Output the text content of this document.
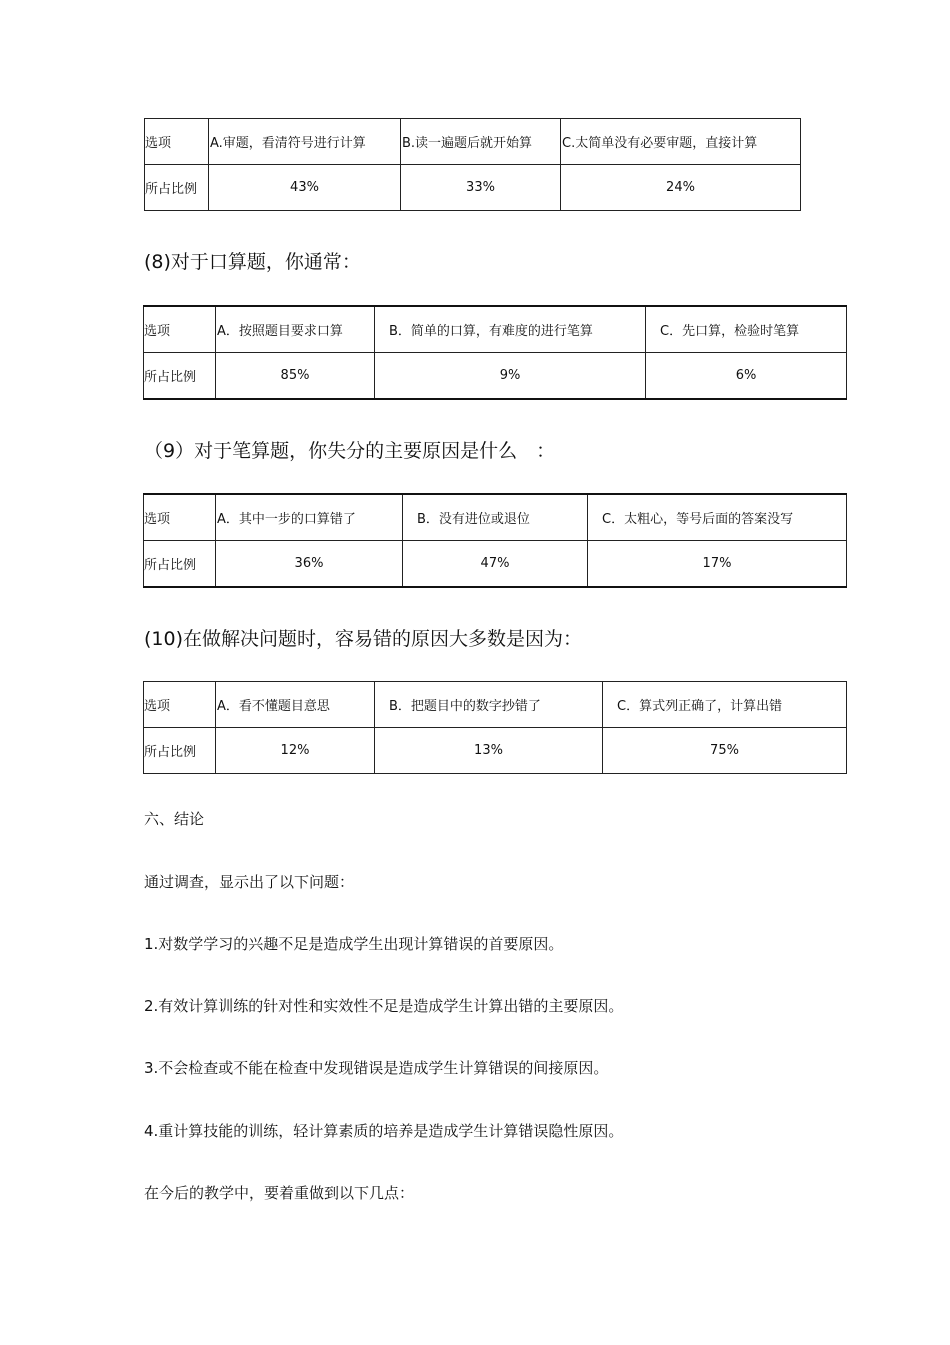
选项	A.审题，看清符号进行计算	B.读一遍题后就开始算	C.太简单没有必要审题，直接计算
所占比例	43%	33%	24%
(8)对于口算题，你通常：
选项	A．按照题目要求口算	B．简单的口算，有难度的进行笔算	C．先口算，检验时笔算
所占比例	85%	9%	6%
（9）对于笔算题，你失分的主要原因是什么　：
选项	A．其中一步的口算错了	B．没有进位或退位	C．太粗心，等号后面的答案没写
所占比例	36%	47%	17%
(10)在做解决问题时，容易错的原因大多数是因为：
选项	A．看不懂题目意思	B．把题目中的数字抄错了	C．算式列正确了，计算出错
所占比例	12%	13%	75%
六、结论
通过调查，显示出了以下问题：
1.对数学学习的兴趣不足是造成学生出现计算错误的首要原因。
2.有效计算训练的针对性和实效性不足是造成学生计算出错的主要原因。
3.不会检查或不能在检查中发现错误是造成学生计算错误的间接原因。
4.重计算技能的训练，轻计算素质的培养是造成学生计算错误隐性原因。
在今后的教学中，要着重做到以下几点：
